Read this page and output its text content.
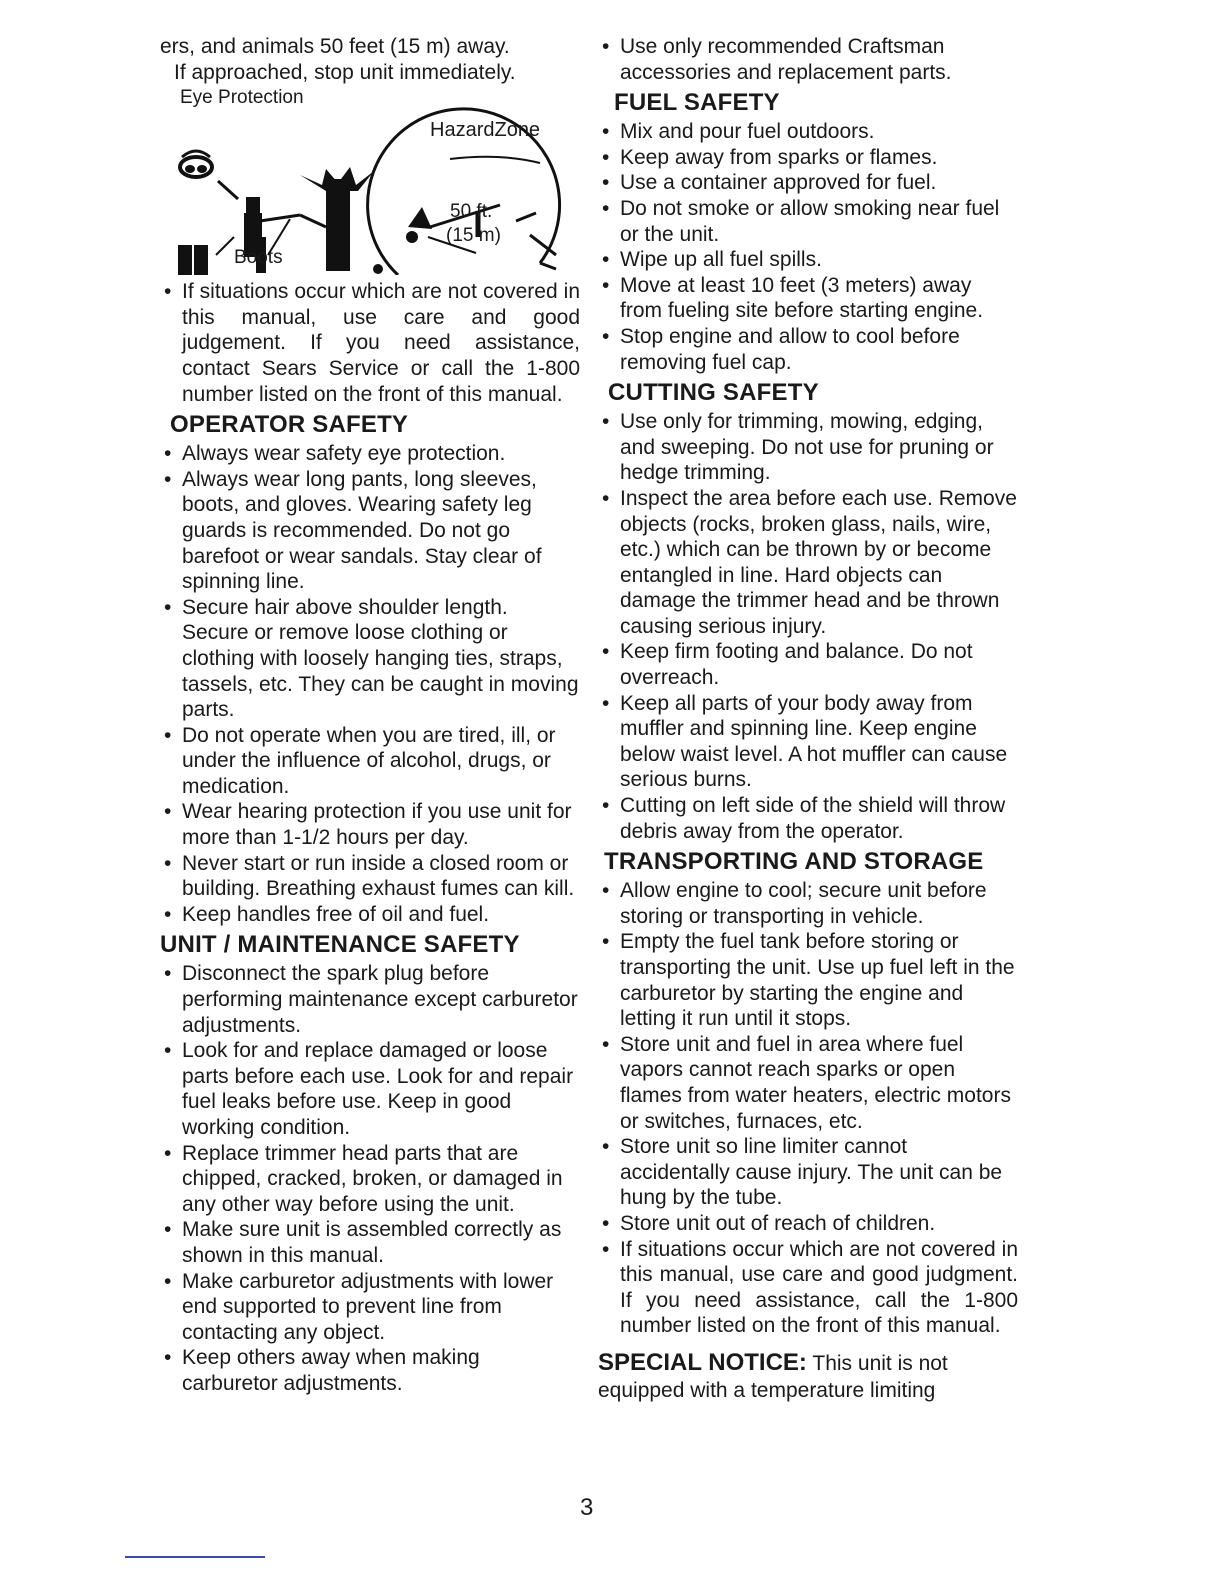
ers, and animals 50 feet (15 m) away.

If approached, stop unit immediately.

Eye Protection
HazardZone
50 ft.
(15 m)
Boots
• If situations occur which are not covered in this manual, use care and good judgement. If you need assistance, contact Sears Service or call the 1-800 number listed on the front of this manual.
OPERATOR SAFETY
• Always wear safety eye protection.
• Always wear long pants, long sleeves, boots, and gloves. Wearing safety leg guards is recommended. Do not go barefoot or wear sandals. Stay clear of spinning line.
• Secure hair above shoulder length. Secure or remove loose clothing or clothing with loosely hanging ties, straps, tassels, etc. They can be caught in moving parts.
• Do not operate when you are tired, ill, or under the influence of alcohol, drugs, or medication.
• Wear hearing protection if you use unit for more than 1-1/2 hours per day.
• Never start or run inside a closed room or building. Breathing exhaust fumes can kill.
• Keep handles free of oil and fuel.
UNIT / MAINTENANCE SAFETY
• Disconnect the spark plug before performing maintenance except carburetor adjustments.
• Look for and replace damaged or loose parts before each use. Look for and repair fuel leaks before use. Keep in good working condition.
• Replace trimmer head parts that are chipped, cracked, broken, or damaged in any other way before using the unit.
• Make sure unit is assembled correctly as shown in this manual.
• Make carburetor adjustments with lower end supported to prevent line from contacting any object.
• Keep others away when making carburetor adjustments.
• Use only recommended Craftsman accessories and replacement parts.
FUEL SAFETY
• Mix and pour fuel outdoors.
• Keep away from sparks or flames.
• Use a container approved for fuel.
• Do not smoke or allow smoking near fuel or the unit.
• Wipe up all fuel spills.
• Move at least 10 feet (3 meters) away from fueling site before starting engine.
• Stop engine and allow to cool before removing fuel cap.
CUTTING SAFETY
• Use only for trimming, mowing, edging, and sweeping. Do not use for pruning or hedge trimming.
• Inspect the area before each use. Remove objects (rocks, broken glass, nails, wire, etc.) which can be thrown by or become entangled in line. Hard objects can damage the trimmer head and be thrown causing serious injury.
• Keep firm footing and balance. Do not overreach.
• Keep all parts of your body away from muffler and spinning line. Keep engine below waist level. A hot muffler can cause serious burns.
• Cutting on left side of the shield will throw debris away from the operator.
TRANSPORTING AND STORAGE
• Allow engine to cool; secure unit before storing or transporting in vehicle.
• Empty the fuel tank before storing or transporting the unit. Use up fuel left in the carburetor by starting the engine and letting it run until it stops.
• Store unit and fuel in area where fuel vapors cannot reach sparks or open flames from water heaters, electric motors or switches, furnaces, etc.
• Store unit so line limiter cannot accidentally cause injury. The unit can be hung by the tube.
• Store unit out of reach of children.
• If situations occur which are not covered in this manual, use care and good judgment. If you need assistance, call the 1-800 number listed on the front of this manual.

SPECIAL NOTICE: This unit is not equipped with a temperature limiting

3
